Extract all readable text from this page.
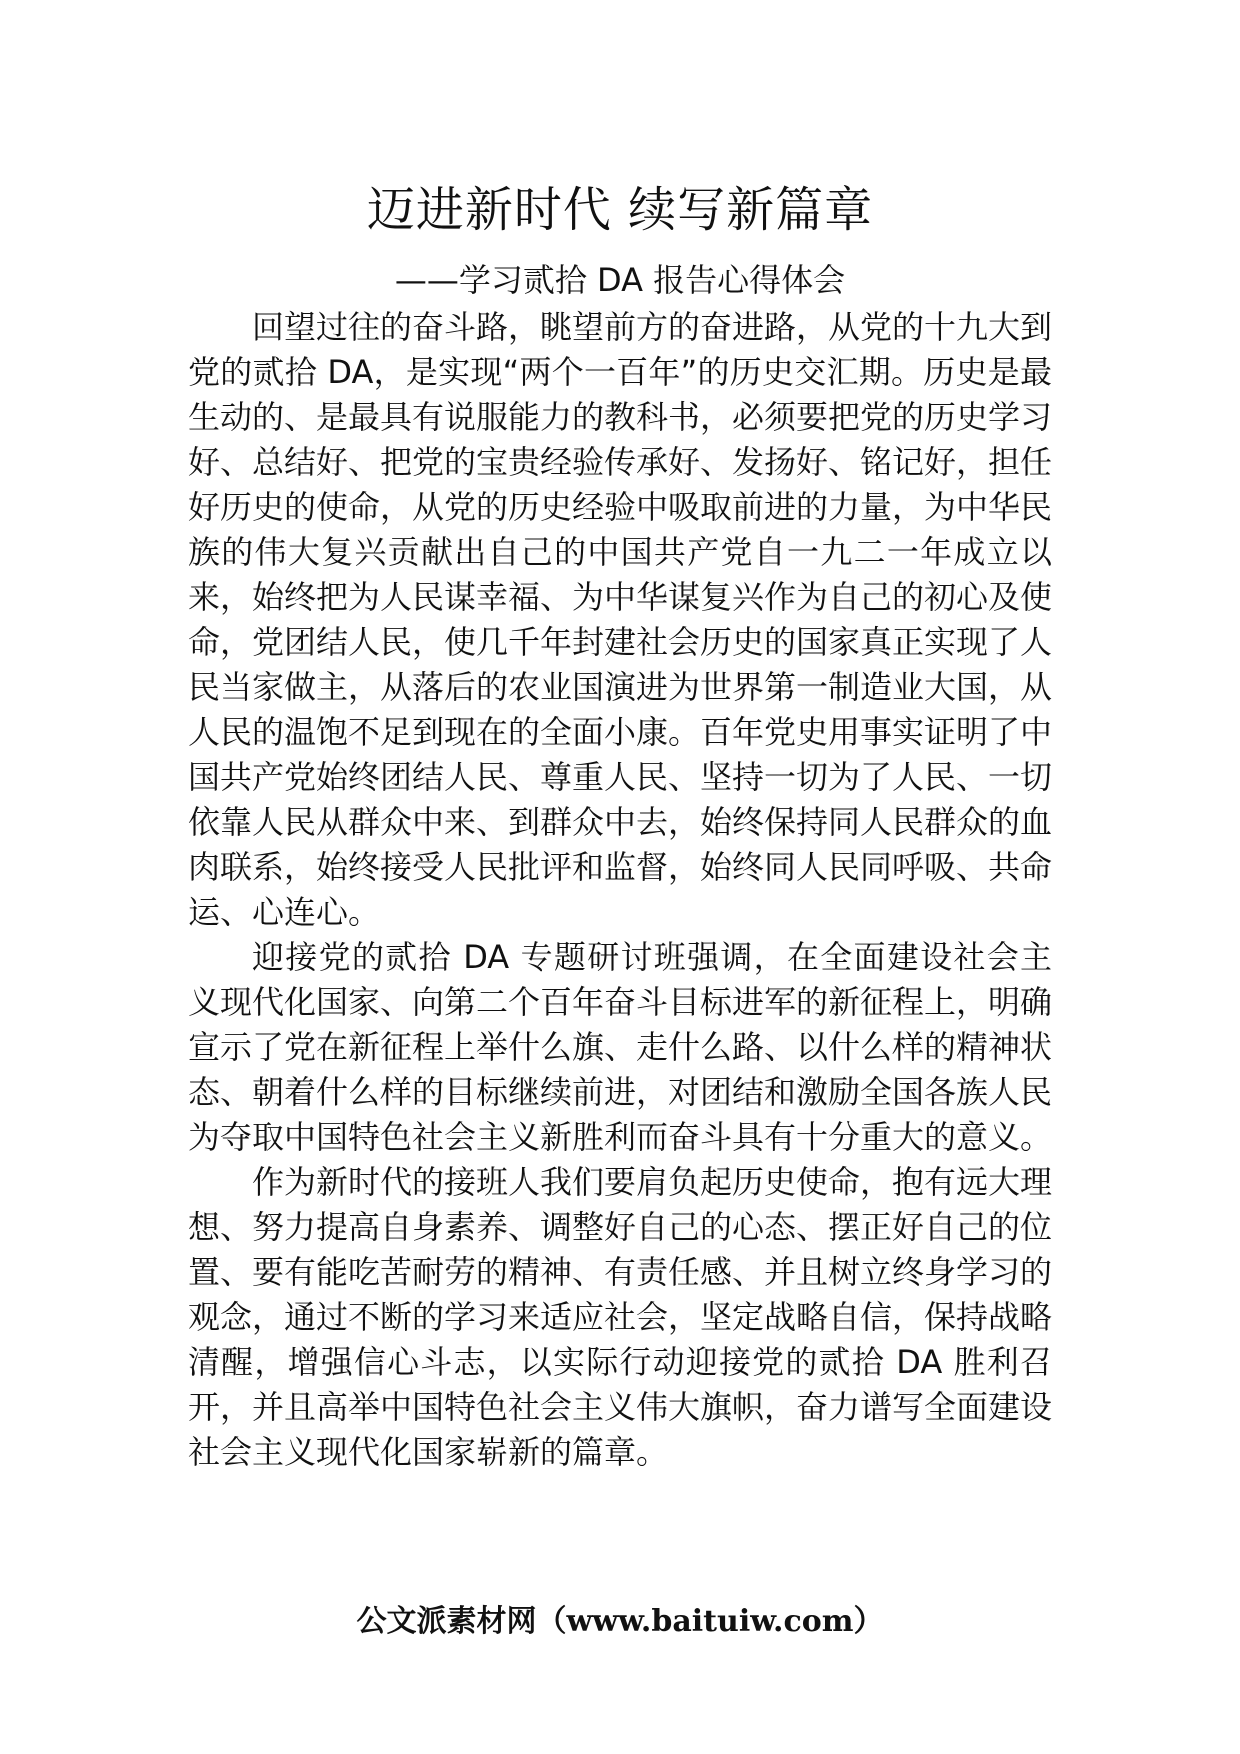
迈进新时代 续写新篇章
——学习贰拾 DA 报告心得体会

回望过往的奋斗路，眺望前方的奋进路，从党的十九大到党的贰拾 DA，是实现“两个一百年”的历史交汇期。历史是最生动的、是最具有说服能力的教科书，必须要把党的历史学习好、总结好、把党的宝贵经验传承好、发扬好、铭记好，担任好历史的使命，从党的历史经验中吸取前进的力量，为中华民族的伟大复兴贡献出自己的中国共产党自一九二一年成立以来，始终把为人民谋幸福、为中华谋复兴作为自己的初心及使命，党团结人民，使几千年封建社会历史的国家真正实现了人民当家做主，从落后的农业国演进为世界第一制造业大国，从人民的温饱不足到现在的全面小康。百年党史用事实证明了中国共产党始终团结人民、尊重人民、坚持一切为了人民、一切依靠人民从群众中来、到群众中去，始终保持同人民群众的血肉联系，始终接受人民批评和监督，始终同人民同呼吸、共命运、心连心。

迎接党的贰拾 DA 专题研讨班强调，在全面建设社会主义现代化国家、向第二个百年奋斗目标进军的新征程上，明确宣示了党在新征程上举什么旗、走什么路、以什么样的精神状态、朝着什么样的目标继续前进，对团结和激励全国各族人民为夺取中国特色社会主义新胜利而奋斗具有十分重大的意义。

作为新时代的接班人我们要肩负起历史使命，抱有远大理想、努力提高自身素养、调整好自己的心态、摆正好自己的位置、要有能吃苦耐劳的精神、有责任感、并且树立终身学习的观念，通过不断的学习来适应社会，坚定战略自信，保持战略清醒，增强信心斗志，以实际行动迎接党的贰拾 DA 胜利召开，并且高举中国特色社会主义伟大旗帜，奋力谱写全面建设社会主义现代化国家崭新的篇章。

公文派素材网（www.baituiw.com）
